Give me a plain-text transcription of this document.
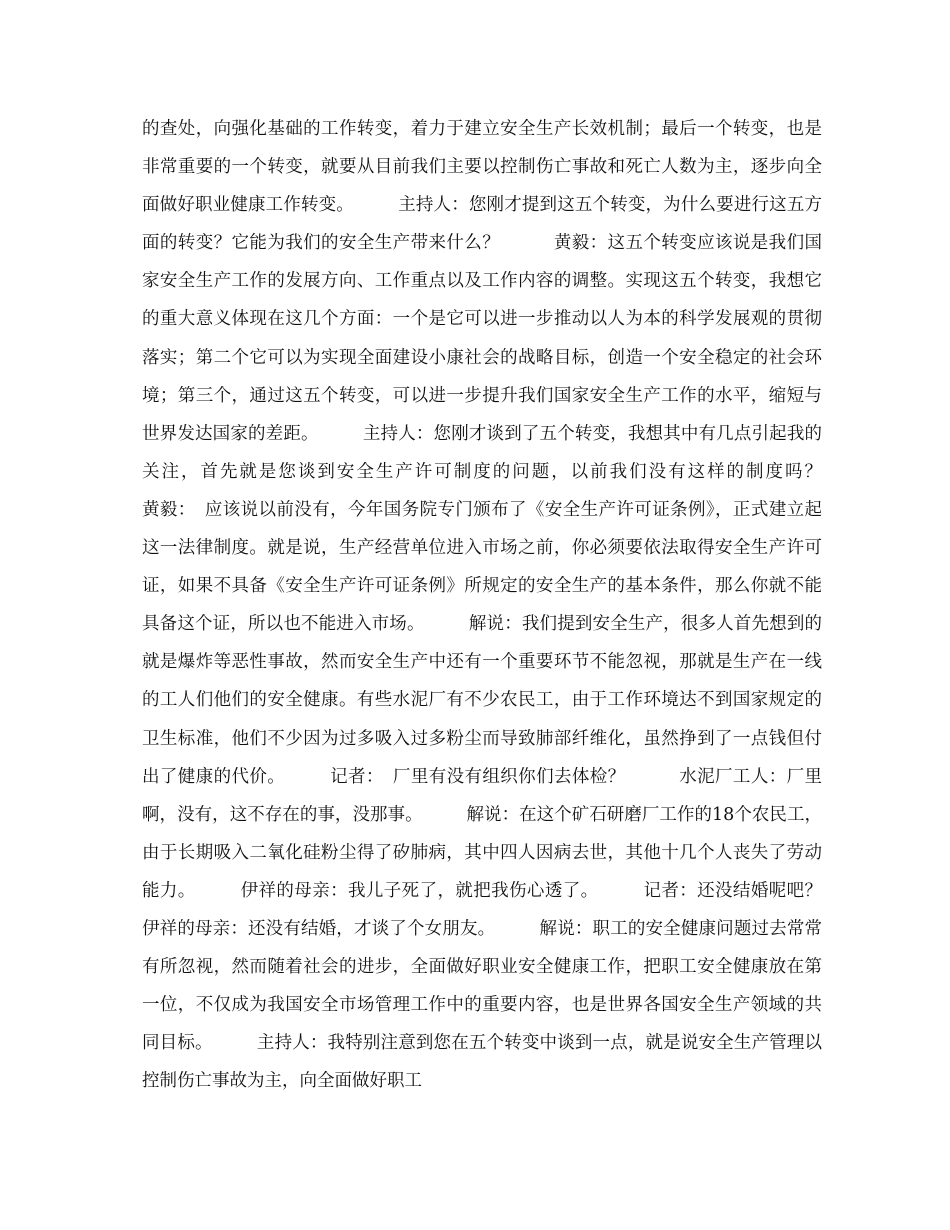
的查处，向强化基础的工作转变，着力于建立安全生产长效机制；最后一个转变，也是非常重要的一个转变，就要从目前我们主要以控制伤亡事故和死亡人数为主，逐步向全面做好职业健康工作转变。　　　主持人：您刚才提到这五个转变，为什么要进行这五方面的转变？它能为我们的安全生产带来什么？　　　黄毅：这五个转变应该说是我们国家安全生产工作的发展方向、工作重点以及工作内容的调整。实现这五个转变，我想它的重大意义体现在这几个方面：一个是它可以进一步推动以人为本的科学发展观的贯彻落实；第二个它可以为实现全面建设小康社会的战略目标，创造一个安全稳定的社会环境；第三个，通过这五个转变，可以进一步提升我们国家安全生产工作的水平，缩短与世界发达国家的差距。　　　主持人：您刚才谈到了五个转变，我想其中有几点引起我的关注，首先就是您谈到安全生产许可制度的问题，以前我们没有这样的制度吗？　　　黄毅：　应该说以前没有，今年国务院专门颁布了《安全生产许可证条例》，正式建立起这一法律制度。就是说，生产经营单位进入市场之前，你必须要依法取得安全生产许可证，如果不具备《安全生产许可证条例》所规定的安全生产的基本条件，那么你就不能具备这个证，所以也不能进入市场。　　　解说：我们提到安全生产，很多人首先想到的就是爆炸等恶性事故，然而安全生产中还有一个重要环节不能忽视，那就是生产在一线的工人们他们的安全健康。有些水泥厂有不少农民工，由于工作环境达不到国家规定的卫生标准，他们不少因为过多吸入过多粉尘而导致肺部纤维化，虽然挣到了一点钱但付出了健康的代价。　　　记者：　厂里有没有组织你们去体检？　　　水泥厂工人：厂里啊，没有，这不存在的事，没那事。　　　解说：在这个矿石研磨厂工作的18个农民工，由于长期吸入二氧化硅粉尘得了矽肺病，其中四人因病去世，其他十几个人丧失了劳动能力。　　　伊祥的母亲：我儿子死了，就把我伤心透了。　　　记者：还没结婚呢吧？　　　伊祥的母亲：还没有结婚，才谈了个女朋友。　　　解说：职工的安全健康问题过去常常有所忽视，然而随着社会的进步，全面做好职业安全健康工作，把职工安全健康放在第一位，不仅成为我国安全市场管理工作中的重要内容，也是世界各国安全生产领域的共同目标。　　　主持人：我特别注意到您在五个转变中谈到一点，就是说安全生产管理以控制伤亡事故为主，向全面做好职工
